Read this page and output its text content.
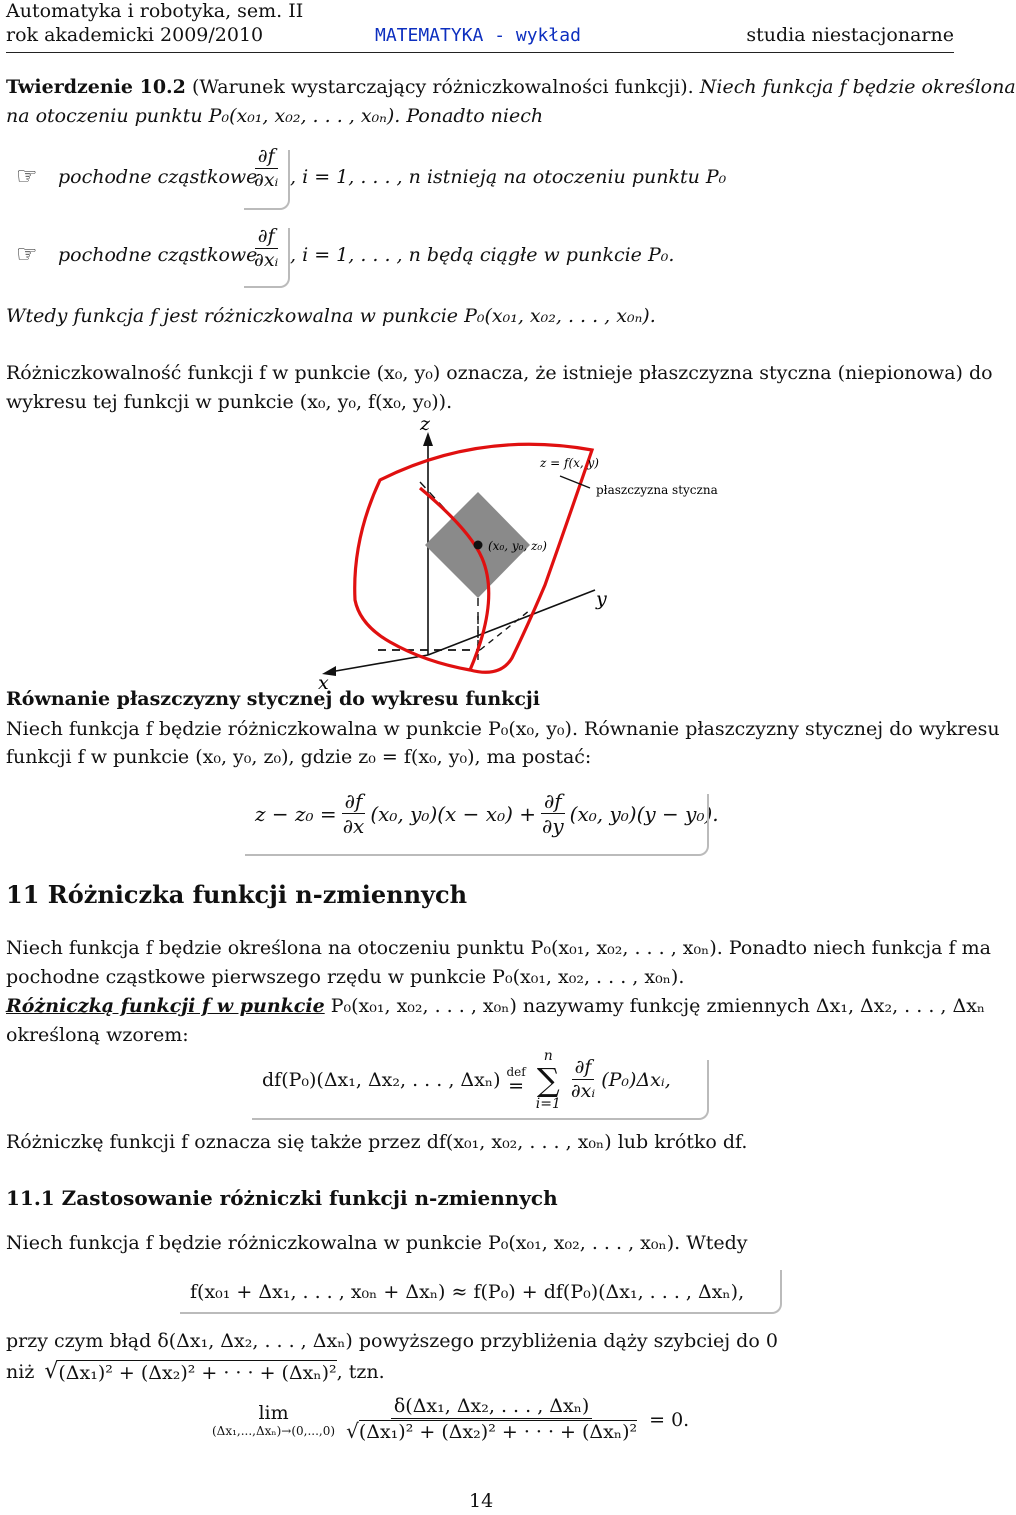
Automatyka i robotyka, sem. II
rok akademicki 2009/2010	MATEMATYKA - wykład	studia niestacjonarne
Twierdzenie 10.2 (Warunek wystarczający różniczkowalności funkcji). Niech funkcja f będzie określona
na otoczeniu punktu P₀(x₀₁, x₀₂, . . . , x₀ₙ). Ponadto niech
☞ pochodne cząstkowe
$\frac{\partial f}{\text{∂xᵢ}}$ , i = 1, . . . , n istnieją na otoczeniu punktu P₀
☞ pochodne cząstkowe
$\frac{\partial f}{\text{∂xᵢ}}$ , i = 1, . . . , n będą ciągłe w punkcie P₀.
Wtedy funkcja f jest różniczkowalna w punkcie P₀(x₀₁, x₀₂, . . . , x₀ₙ).
Różniczkowalność funkcji f w punkcie (x₀, y₀) oznacza, że istnieje płaszczyzna styczna (niepionowa) do
wykresu tej funkcji w punkcie (x₀, y₀, f(x₀, y₀)).
z
y
x
z = f(x, y)
płaszczyzna styczna
(x₀, y₀, z₀)
Równanie płaszczyzny stycznej do wykresu funkcji
Niech funkcja f będzie różniczkowalna w punkcie P₀(x₀, y₀). Równanie płaszczyzny stycznej do wykresu
funkcji f w punkcie (x₀, y₀, z₀), gdzie z₀ = f(x₀, y₀), ma postać:
$z - z_0 = \frac{\partial f}{\partial x} (x_0$, $y_0)(x - x_0) + \frac{\partial f}{\partial y} (x_0$, y₀)(y − y₀).
11 Różniczka funkcji n-zmiennych
Niech funkcja f będzie określona na otoczeniu punktu P₀(x₀₁, x₀₂, . . . , x₀ₙ). Ponadto niech funkcja f ma
pochodne cząstkowe pierwszego rzędu w punkcie P₀(x₀₁, x₀₂, . . . , x₀ₙ).
Różniczką funkcji f w punkcie P₀(x₀₁, x₀₂, . . . , x₀ₙ) nazywamy funkcję zmiennych Δx₁, Δx₂, . . . , Δxₙ
określoną wzorem:
df(P₀)(Δx₁, Δx₂, . . . , Δxₙ) def
=
n
∑
i=1
$\frac{\partial f}{\text{∂xᵢ}}$ (P₀)Δxᵢ,
Różniczkę funkcji f oznacza się także przez df(x₀₁, x₀₂, . . . , x₀ₙ) lub krótko df.
11.1 Zastosowanie różniczki funkcji n-zmiennych
Niech funkcja f będzie różniczkowalna w punkcie P₀(x₀₁, x₀₂, . . . , x₀ₙ). Wtedy
f(x₀₁ + Δx₁, . . . , x₀ₙ + Δxₙ) ≈ f(P₀) + df(P₀)(Δx₁, . . . , Δxₙ),
przy czym błąd δ(Δx₁, Δx₂, . . . , Δxₙ) powyższego przybliżenia dąży szybciej do 0
niż √ (Δx₁)² + (Δx₂)² + · · · + (Δxₙ)² , tzn.
lim
$(\Delta x_1,...,\Delta x_n)\to(0,...,0) \frac{\text{δ(Δx₁, Δx₂, . . . , Δxₙ)}}{\text{√(Δx₁)² + (Δx₂)² + · · · + (Δxₙ)²}} = 0$.
14
